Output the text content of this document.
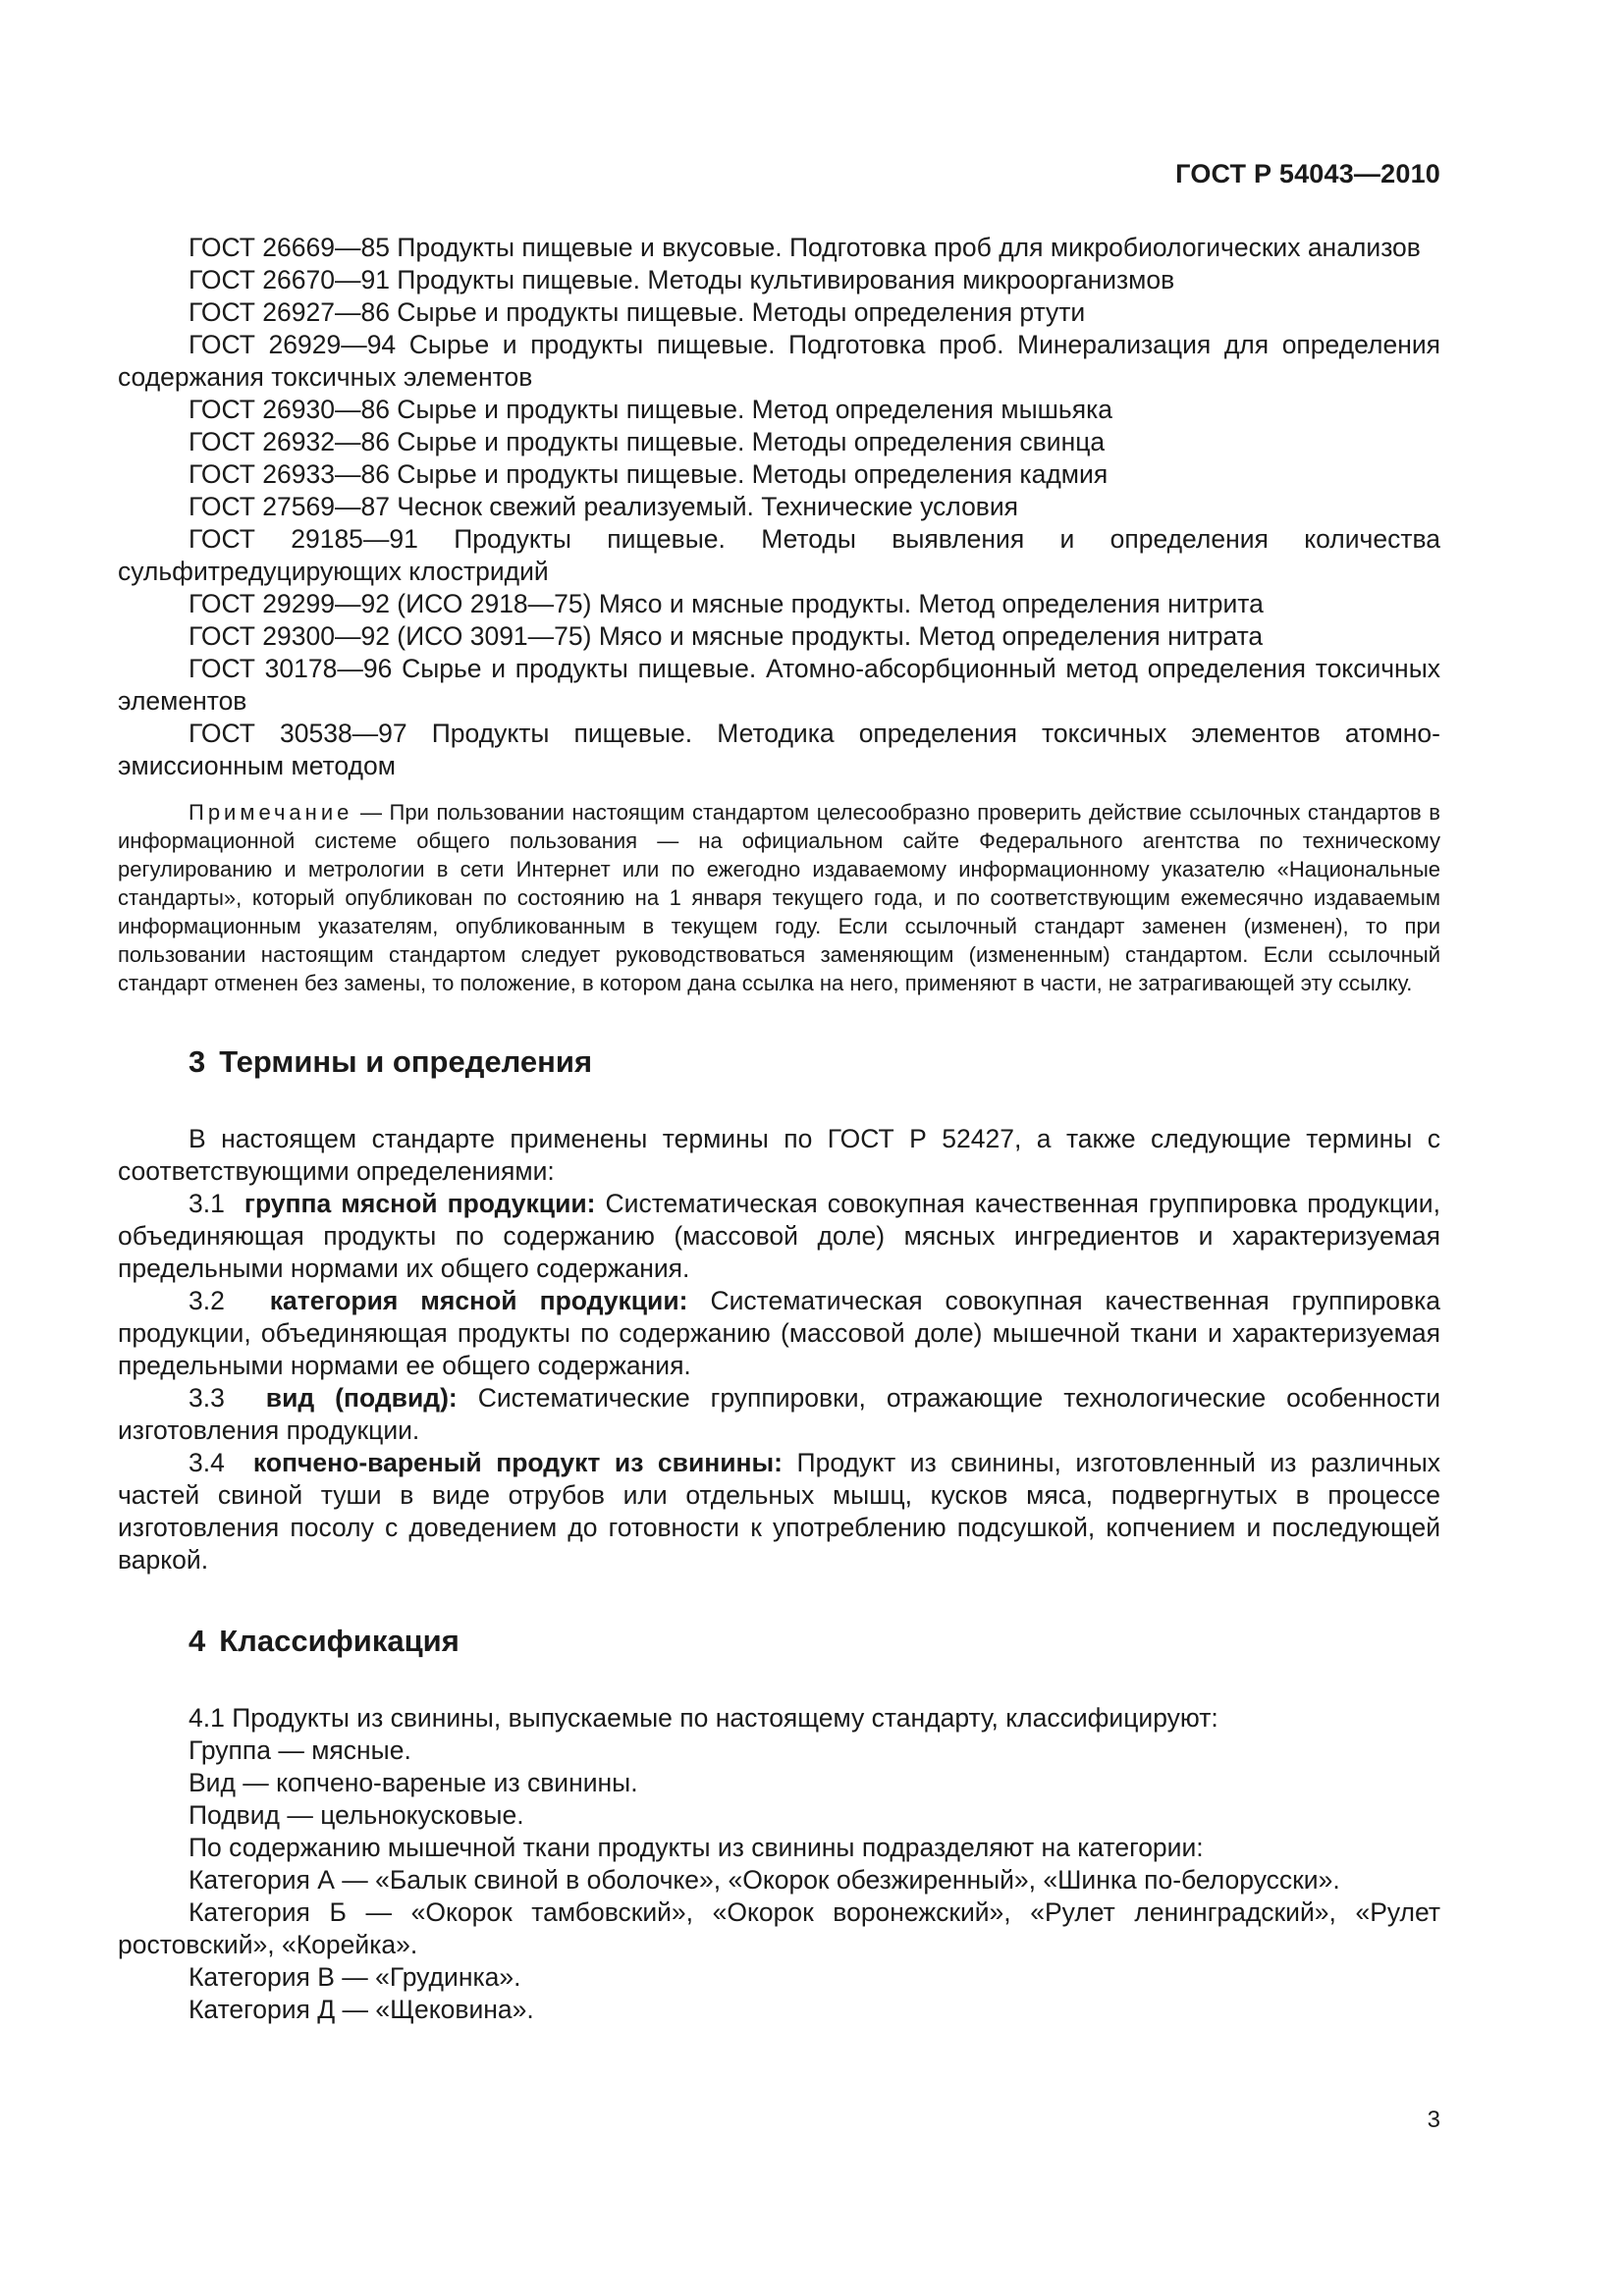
ГОСТ Р 54043—2010

ГОСТ 26669—85 Продукты пищевые и вкусовые. Подготовка проб для микробиологических анализов

ГОСТ 26670—91 Продукты пищевые. Методы культивирования микроорганизмов

ГОСТ 26927—86 Сырье и продукты пищевые. Методы определения ртути

ГОСТ 26929—94 Сырье и продукты пищевые. Подготовка проб. Минерализация для определения содержания токсичных элементов

ГОСТ 26930—86 Сырье и продукты пищевые. Метод определения мышьяка

ГОСТ 26932—86 Сырье и продукты пищевые. Методы определения свинца

ГОСТ 26933—86 Сырье и продукты пищевые. Методы определения кадмия

ГОСТ 27569—87 Чеснок свежий реализуемый. Технические условия

ГОСТ 29185—91 Продукты пищевые. Методы выявления и определения количества сульфитредуцирующих клостридий

ГОСТ 29299—92 (ИСО 2918—75) Мясо и мясные продукты. Метод определения нитрита

ГОСТ 29300—92 (ИСО 3091—75) Мясо и мясные продукты. Метод определения нитрата

ГОСТ 30178—96 Сырье и продукты пищевые. Атомно-абсорбционный метод определения токсичных элементов

ГОСТ 30538—97 Продукты пищевые. Методика определения токсичных элементов атомно-эмиссионным методом

Примечание — При пользовании настоящим стандартом целесообразно проверить действие ссылочных стандартов в информационной системе общего пользования — на официальном сайте Федерального агентства по техническому регулированию и метрологии в сети Интернет или по ежегодно издаваемому информационному указателю «Национальные стандарты», который опубликован по состоянию на 1 января текущего года, и по соответствующим ежемесячно издаваемым информационным указателям, опубликованным в текущем году. Если ссылочный стандарт заменен (изменен), то при пользовании настоящим стандартом следует руководствоваться заменяющим (измененным) стандартом. Если ссылочный стандарт отменен без замены, то положение, в котором дана ссылка на него, применяют в части, не затрагивающей эту ссылку.

3 Термины и определения

В настоящем стандарте применены термины по ГОСТ Р 52427, а также следующие термины с соответствующими определениями:

3.1 группа мясной продукции: Систематическая совокупная качественная группировка продукции, объединяющая продукты по содержанию (массовой доле) мясных ингредиентов и характеризуемая предельными нормами их общего содержания.

3.2 категория мясной продукции: Систематическая совокупная качественная группировка продукции, объединяющая продукты по содержанию (массовой доле) мышечной ткани и характеризуемая предельными нормами ее общего содержания.

3.3 вид (подвид): Систематические группировки, отражающие технологические особенности изготовления продукции.

3.4 копчено-вареный продукт из свинины: Продукт из свинины, изготовленный из различных частей свиной туши в виде отрубов или отдельных мышц, кусков мяса, подвергнутых в процессе изготовления посолу с доведением до готовности к употреблению подсушкой, копчением и последующей варкой.

4 Классификация

4.1 Продукты из свинины, выпускаемые по настоящему стандарту, классифицируют:

Группа — мясные.

Вид — копчено-вареные из свинины.

Подвид — цельнокусковые.

По содержанию мышечной ткани продукты из свинины подразделяют на категории:

Категория А — «Балык свиной в оболочке», «Окорок обезжиренный», «Шинка по-белорусски».

Категория Б — «Окорок тамбовский», «Окорок воронежский», «Рулет ленинградский», «Рулет ростовский», «Корейка».

Категория В — «Грудинка».

Категория Д — «Щековина».

3
